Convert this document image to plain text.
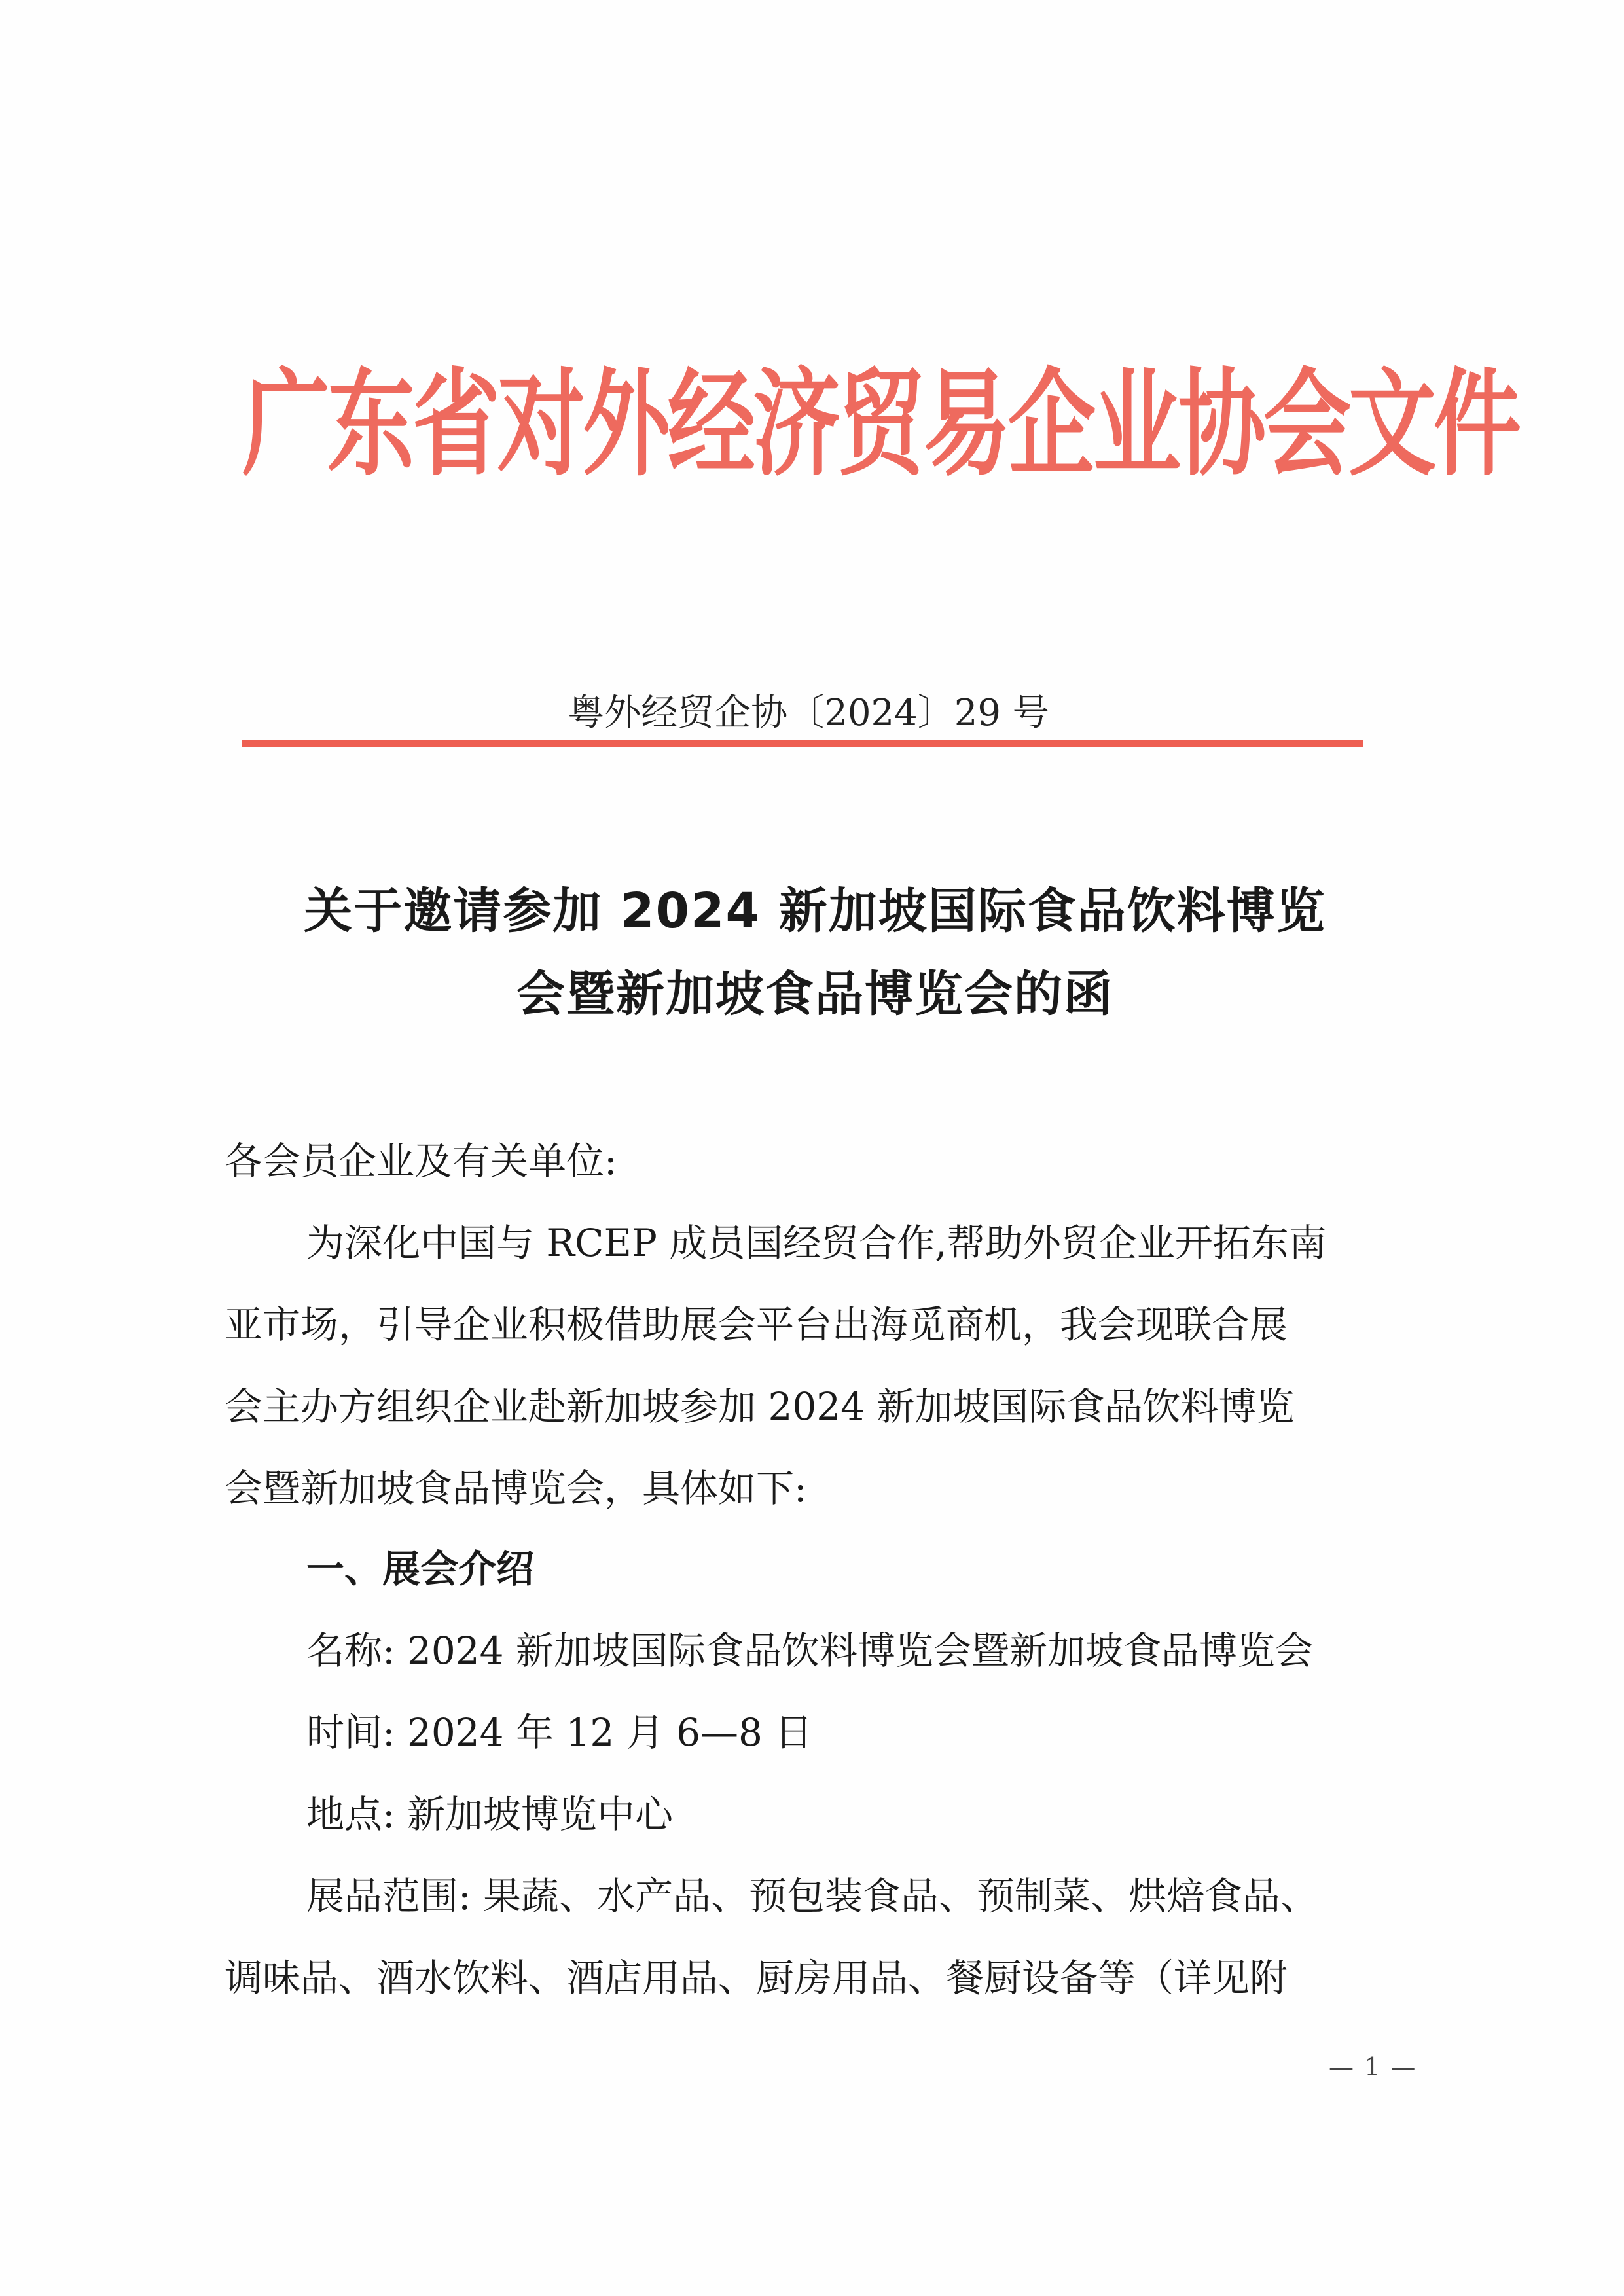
广东省对外经济贸易企业协会文件
粤外经贸企协〔2024〕29 号
关于邀请参加 2024 新加坡国际食品饮料博览
会暨新加坡食品博览会的函
各会员企业及有关单位:
为深化中国与 RCEP 成员国经贸合作,帮助外贸企业开拓东南
亚市场，引导企业积极借助展会平台出海觅商机，我会现联合展
会主办方组织企业赴新加坡参加 2024 新加坡国际食品饮料博览
会暨新加坡食品博览会，具体如下:
一、展会介绍
名称: 2024 新加坡国际食品饮料博览会暨新加坡食品博览会
时间: 2024 年 12 月 6—8 日
地点: 新加坡博览中心
展品范围: 果蔬、水产品、预包装食品、预制菜、烘焙食品、
调味品、酒水饮料、酒店用品、厨房用品、餐厨设备等（详见附
— 1 —
